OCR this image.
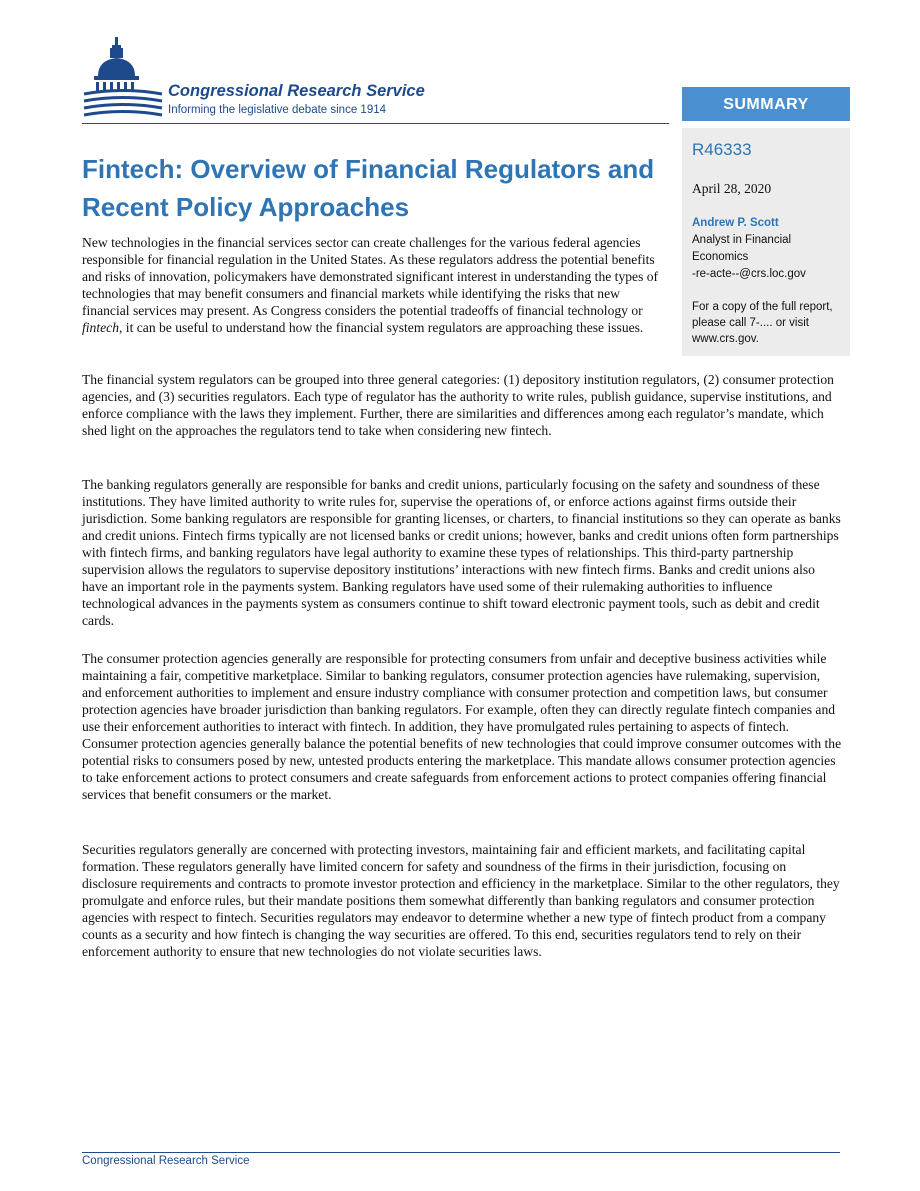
Congressional Research Service
Informing the legislative debate since 1914	SUMMARY
R46333
April 28, 2020
Andrew P. Scott
Analyst in Financial
Economics
-re-acte--@crs.loc.gov
For a copy of the full report,
please call 7-.... or visit
www.crs.gov.
Fintech: Overview of Financial Regulators and
Recent Policy Approaches

New technologies in the financial services sector can create challenges for the various federal agencies responsible for financial regulation in the United States. As these regulators address the potential benefits and risks of innovation, policymakers have demonstrated significant interest in understanding the types of technologies that may benefit consumers and financial markets while identifying the risks that new financial services may present. As Congress considers the potential tradeoffs of financial technology or fintech, it can be useful to understand how the financial system regulators are approaching these issues.

The financial system regulators can be grouped into three general categories: (1) depository institution regulators, (2) consumer protection agencies, and (3) securities regulators. Each type of regulator has the authority to write rules, publish guidance, supervise institutions, and enforce compliance with the laws they implement. Further, there are similarities and differences among each regulator’s mandate, which shed light on the approaches the regulators tend to take when considering new fintech.

The banking regulators generally are responsible for banks and credit unions, particularly focusing on the safety and soundness of these institutions. They have limited authority to write rules for, supervise the operations of, or enforce actions against firms outside their jurisdiction. Some banking regulators are responsible for granting licenses, or charters, to financial institutions so they can operate as banks and credit unions. Fintech firms typically are not licensed banks or credit unions; however, banks and credit unions often form partnerships with fintech firms, and banking regulators have legal authority to examine these types of relationships. This third-party partnership supervision allows the regulators to supervise depository institutions’ interactions with new fintech firms. Banks and credit unions also have an important role in the payments system. Banking regulators have used some of their rulemaking authorities to influence technological advances in the payments system as consumers continue to shift toward electronic payment tools, such as debit and credit cards.

The consumer protection agencies generally are responsible for protecting consumers from unfair and deceptive business activities while maintaining a fair, competitive marketplace. Similar to banking regulators, consumer protection agencies have rulemaking, supervision, and enforcement authorities to implement and ensure industry compliance with consumer protection and competition laws, but consumer protection agencies have broader jurisdiction than banking regulators. For example, often they can directly regulate fintech companies and use their enforcement authorities to interact with fintech. In addition, they have promulgated rules pertaining to aspects of fintech. Consumer protection agencies generally balance the potential benefits of new technologies that could improve consumer outcomes with the potential risks to consumers posed by new, untested products entering the marketplace. This mandate allows consumer protection agencies to take enforcement actions to protect consumers and create safeguards from enforcement actions to protect companies offering financial services that benefit consumers or the market.

Securities regulators generally are concerned with protecting investors, maintaining fair and efficient markets, and facilitating capital formation. These regulators generally have limited concern for safety and soundness of the firms in their jurisdiction, focusing on disclosure requirements and contracts to promote investor protection and efficiency in the marketplace. Similar to the other regulators, they promulgate and enforce rules, but their mandate positions them somewhat differently than banking regulators and consumer protection agencies with respect to fintech. Securities regulators may endeavor to determine whether a new type of fintech product from a company counts as a security and how fintech is changing the way securities are offered. To this end, securities regulators tend to rely on their enforcement authority to ensure that new technologies do not violate securities laws.

Congressional Research Service
